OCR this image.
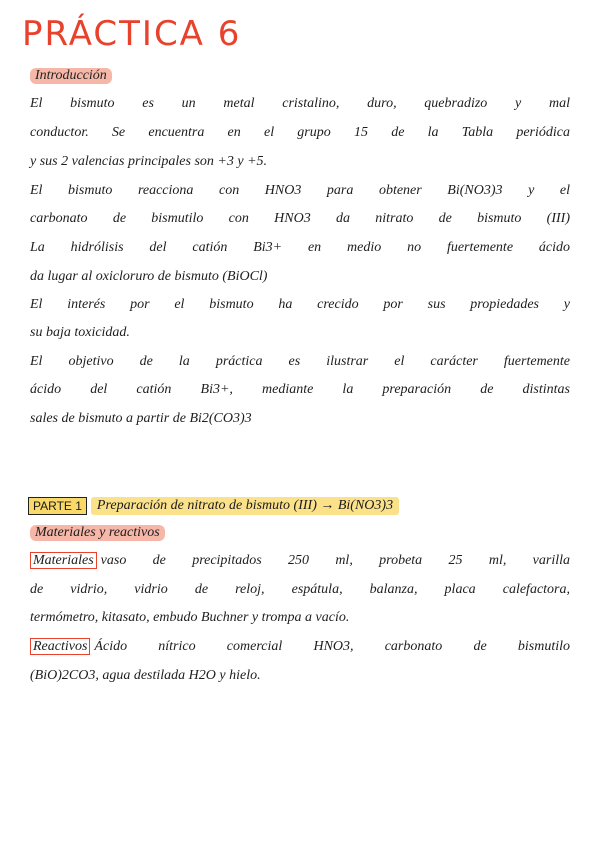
PRÁCTICA 6
Introducción
El bismuto es un metal cristalino, duro, quebradizo y mal
conductor. Se encuentra en el grupo 15 de la Tabla periódica
y sus 2 valencias principales son +3 y +5.
El bismuto reacciona con HNO3 para obtener Bi(NO3)3 y el
carbonato de bismutilo con HNO3 da nitrato de bismuto (III)
La hidrólisis del catión Bi3+ en medio no fuertemente ácido
da lugar al oxicloruro de bismuto (BiOCl)
El interés por el bismuto ha crecido por sus propiedades y
su baja toxicidad.
El objetivo de la práctica es ilustrar el carácter fuertemente
ácido del catión Bi3+, mediante la preparación de distintas
sales de bismuto a partir de Bi2(CO3)3
PARTE 1	Preparación de nitrato de bismuto (III) → Bi(NO3)3
Materiales y reactivos
Materiales vaso de precipitados 250 ml, probeta 25 ml, varilla
de vidrio, vidrio de reloj, espátula, balanza, placa calefactora,
termómetro, kitasato, embudo Buchner y trompa a vacío.
Reactivos Ácido nítrico comercial HNO3, carbonato de bismutilo
(BiO)2CO3, agua destilada H2O y hielo.
